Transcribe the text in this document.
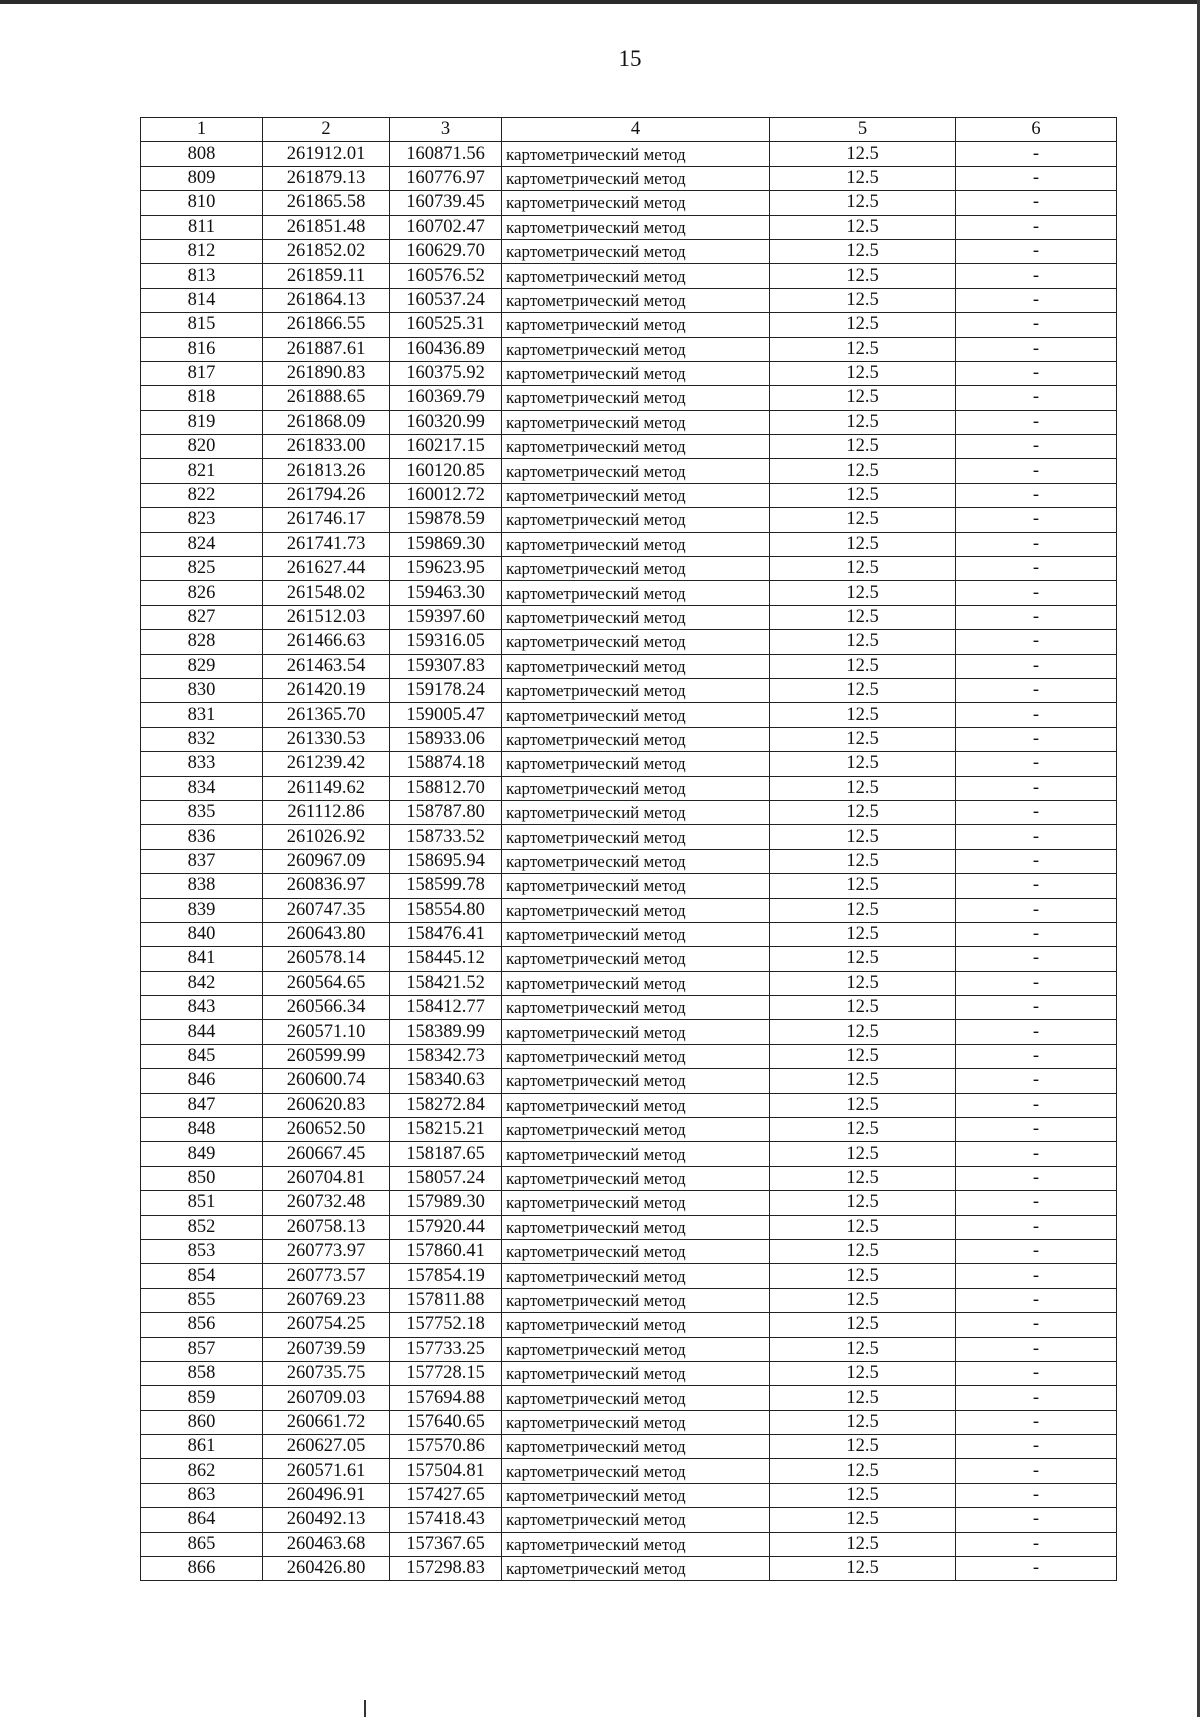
15
1	2	3	4	5	6
808	261912.01	160871.56	картометрический метод	12.5	-
809	261879.13	160776.97	картометрический метод	12.5	-
810	261865.58	160739.45	картометрический метод	12.5	-
811	261851.48	160702.47	картометрический метод	12.5	-
812	261852.02	160629.70	картометрический метод	12.5	-
813	261859.11	160576.52	картометрический метод	12.5	-
814	261864.13	160537.24	картометрический метод	12.5	-
815	261866.55	160525.31	картометрический метод	12.5	-
816	261887.61	160436.89	картометрический метод	12.5	-
817	261890.83	160375.92	картометрический метод	12.5	-
818	261888.65	160369.79	картометрический метод	12.5	-
819	261868.09	160320.99	картометрический метод	12.5	-
820	261833.00	160217.15	картометрический метод	12.5	-
821	261813.26	160120.85	картометрический метод	12.5	-
822	261794.26	160012.72	картометрический метод	12.5	-
823	261746.17	159878.59	картометрический метод	12.5	-
824	261741.73	159869.30	картометрический метод	12.5	-
825	261627.44	159623.95	картометрический метод	12.5	-
826	261548.02	159463.30	картометрический метод	12.5	-
827	261512.03	159397.60	картометрический метод	12.5	-
828	261466.63	159316.05	картометрический метод	12.5	-
829	261463.54	159307.83	картометрический метод	12.5	-
830	261420.19	159178.24	картометрический метод	12.5	-
831	261365.70	159005.47	картометрический метод	12.5	-
832	261330.53	158933.06	картометрический метод	12.5	-
833	261239.42	158874.18	картометрический метод	12.5	-
834	261149.62	158812.70	картометрический метод	12.5	-
835	261112.86	158787.80	картометрический метод	12.5	-
836	261026.92	158733.52	картометрический метод	12.5	-
837	260967.09	158695.94	картометрический метод	12.5	-
838	260836.97	158599.78	картометрический метод	12.5	-
839	260747.35	158554.80	картометрический метод	12.5	-
840	260643.80	158476.41	картометрический метод	12.5	-
841	260578.14	158445.12	картометрический метод	12.5	-
842	260564.65	158421.52	картометрический метод	12.5	-
843	260566.34	158412.77	картометрический метод	12.5	-
844	260571.10	158389.99	картометрический метод	12.5	-
845	260599.99	158342.73	картометрический метод	12.5	-
846	260600.74	158340.63	картометрический метод	12.5	-
847	260620.83	158272.84	картометрический метод	12.5	-
848	260652.50	158215.21	картометрический метод	12.5	-
849	260667.45	158187.65	картометрический метод	12.5	-
850	260704.81	158057.24	картометрический метод	12.5	-
851	260732.48	157989.30	картометрический метод	12.5	-
852	260758.13	157920.44	картометрический метод	12.5	-
853	260773.97	157860.41	картометрический метод	12.5	-
854	260773.57	157854.19	картометрический метод	12.5	-
855	260769.23	157811.88	картометрический метод	12.5	-
856	260754.25	157752.18	картометрический метод	12.5	-
857	260739.59	157733.25	картометрический метод	12.5	-
858	260735.75	157728.15	картометрический метод	12.5	-
859	260709.03	157694.88	картометрический метод	12.5	-
860	260661.72	157640.65	картометрический метод	12.5	-
861	260627.05	157570.86	картометрический метод	12.5	-
862	260571.61	157504.81	картометрический метод	12.5	-
863	260496.91	157427.65	картометрический метод	12.5	-
864	260492.13	157418.43	картометрический метод	12.5	-
865	260463.68	157367.65	картометрический метод	12.5	-
866	260426.80	157298.83	картометрический метод	12.5	-
